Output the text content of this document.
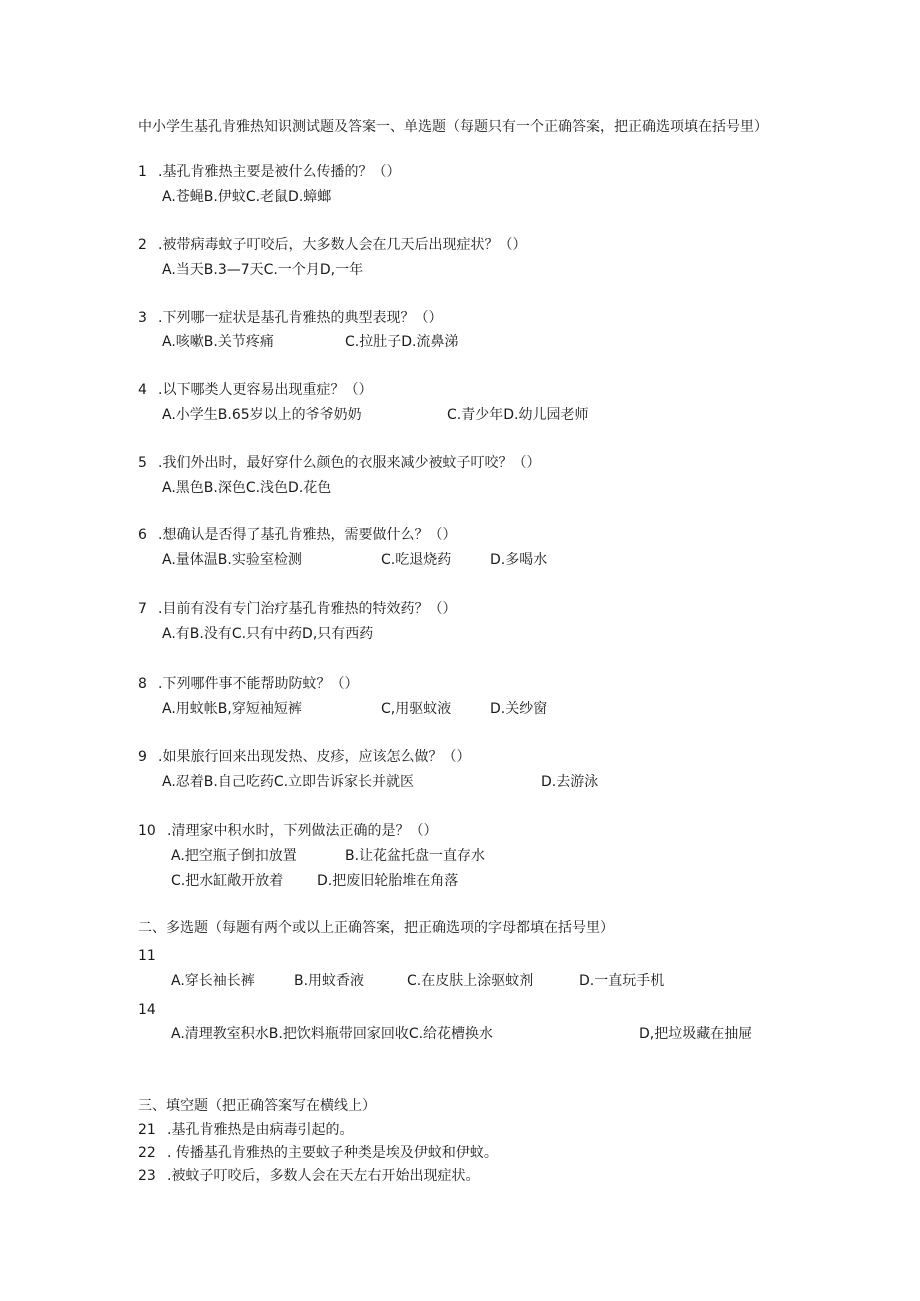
中小学生基孔肯雅热知识测试题及答案一、单选题（每题只有一个正确答案，把正确选项填在括号里）
1 .基孔肯雅热主要是被什么传播的？（）
A.苍蝇B.伊蚊C.老鼠D.蟑螂
2 .被带病毒蚊子叮咬后，大多数人会在几天后出现症状？（）
A.当天B.3—7天C.一个月D,一年
3 .下列哪一症状是基孔肯雅热的典型表现？（）
A.咳嗽B.关节疼痛	C.拉肚子D.流鼻涕
4 .以下哪类人更容易出现重症？（）
A.小学生B.65岁以上的爷爷奶奶	C.青少年D.幼儿园老师
5 .我们外出时，最好穿什么颜色的衣服来减少被蚊子叮咬？（）
A.黑色B.深色C.浅色D.花色
6 .想确认是否得了基孔肯雅热，需要做什么？（）
A.量体温B.实验室检测	C.吃退烧药	D.多喝水
7 .目前有没有专门治疗基孔肯雅热的特效药？（）
A.有B.没有C.只有中药D,只有西药
8 .下列哪件事不能帮助防蚊？（）
A.用蚊帐B,穿短袖短裤	C,用驱蚊液	D.关纱窗
9 .如果旅行回来出现发热、皮疹，应该怎么做？（）
A.忍着B.自己吃药C.立即告诉家长并就医	D.去游泳
10 .清理家中积水时，下列做法正确的是？（）
A.把空瓶子倒扣放置	B.让花盆托盘一直存水
C.把水缸敞开放着 D.把废旧轮胎堆在角落
二、多选题（每题有两个或以上正确答案，把正确选项的字母都填在括号里）
11
A.穿长袖长裤	B.用蚊香液	C.在皮肤上涂驱蚊剂	D.一直玩手机
14
A.清理教室积水B.把饮料瓶带回家回收C.给花槽换水	D,把垃圾藏在抽屉
三、填空题（把正确答案写在横线上）
21 .基孔肯雅热是由病毒引起的。
22 . 传播基孔肯雅热的主要蚊子种类是埃及伊蚊和伊蚊。
23 .被蚊子叮咬后，多数人会在天左右开始出现症状。
